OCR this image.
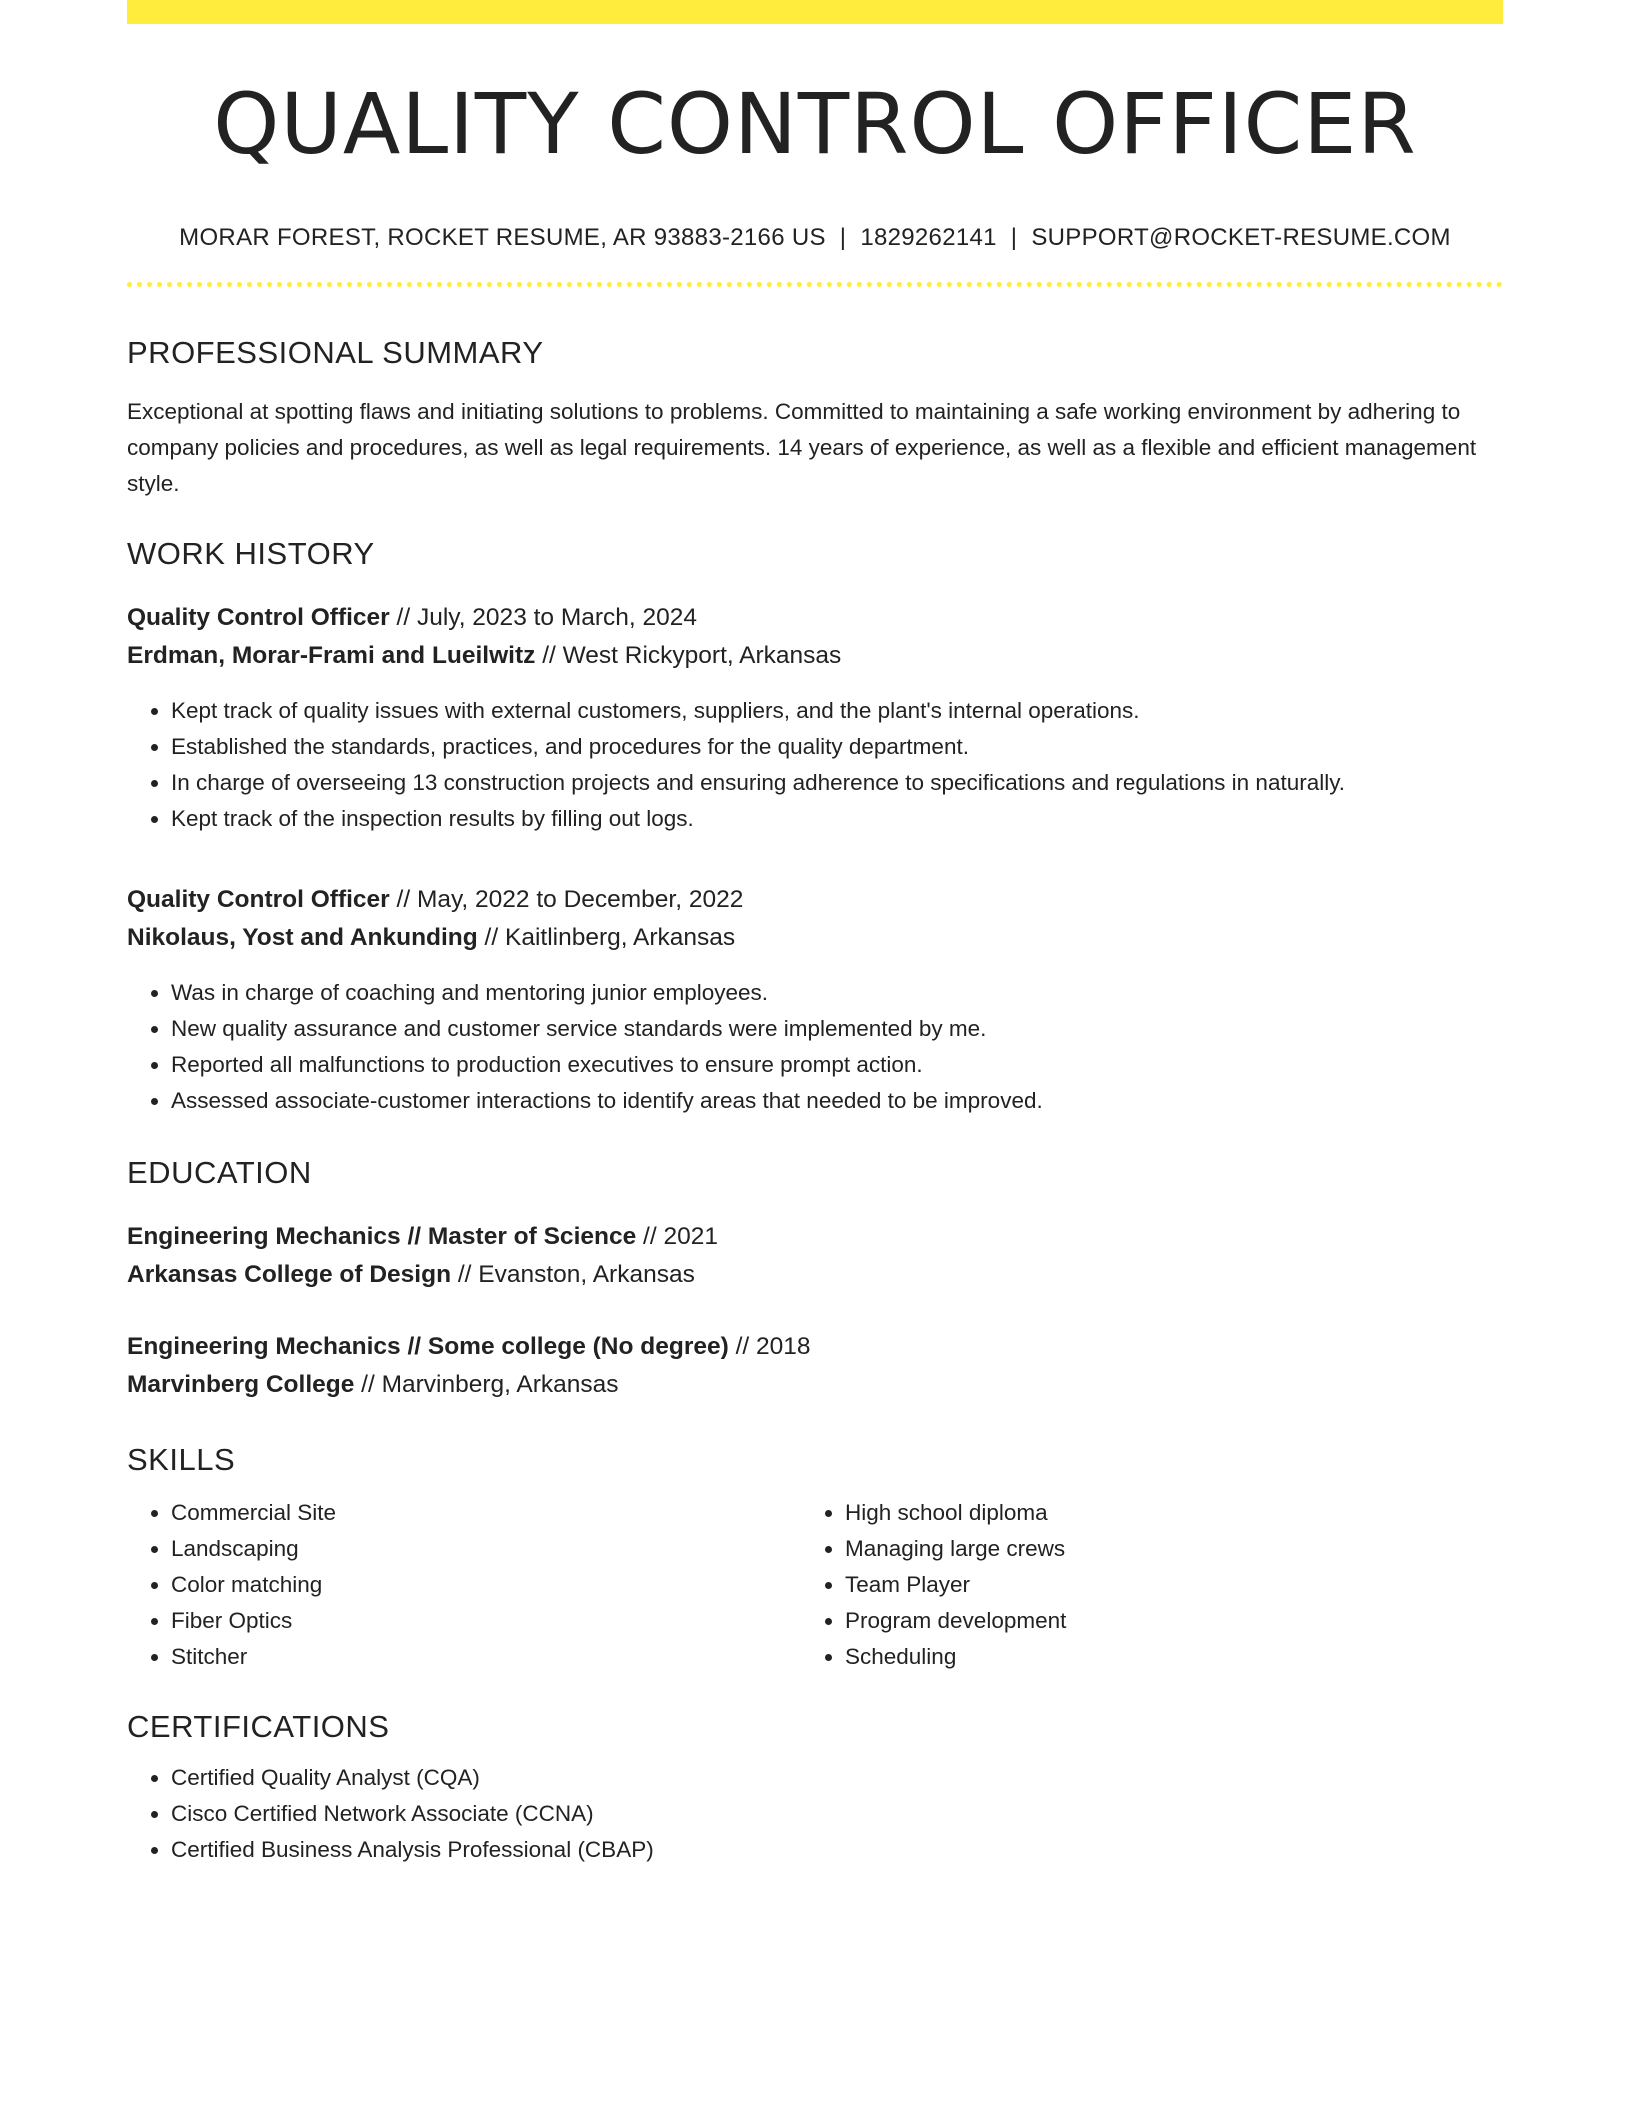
QUALITY CONTROL OFFICER
MORAR FOREST, ROCKET RESUME, AR 93883-2166 US | 1829262141 | SUPPORT@ROCKET-RESUME.COM
PROFESSIONAL SUMMARY
Exceptional at spotting flaws and initiating solutions to problems. Committed to maintaining a safe working environment by adhering to company policies and procedures, as well as legal requirements. 14 years of experience, as well as a flexible and efficient management style.
WORK HISTORY
Quality Control Officer // July, 2023 to March, 2024
Erdman, Morar-Frami and Lueilwitz // West Rickyport, Arkansas
• Kept track of quality issues with external customers, suppliers, and the plant's internal operations.
• Established the standards, practices, and procedures for the quality department.
• In charge of overseeing 13 construction projects and ensuring adherence to specifications and regulations in naturally.
• Kept track of the inspection results by filling out logs.
Quality Control Officer // May, 2022 to December, 2022
Nikolaus, Yost and Ankunding // Kaitlinberg, Arkansas
• Was in charge of coaching and mentoring junior employees.
• New quality assurance and customer service standards were implemented by me.
• Reported all malfunctions to production executives to ensure prompt action.
• Assessed associate-customer interactions to identify areas that needed to be improved.
EDUCATION
Engineering Mechanics // Master of Science // 2021
Arkansas College of Design // Evanston, Arkansas
Engineering Mechanics // Some college (No degree) // 2018
Marvinberg College // Marvinberg, Arkansas
SKILLS
• Commercial Site
• Landscaping
• Color matching
• Fiber Optics
• Stitcher
• High school diploma
• Managing large crews
• Team Player
• Program development
• Scheduling
CERTIFICATIONS
• Certified Quality Analyst (CQA)
• Cisco Certified Network Associate (CCNA)
• Certified Business Analysis Professional (CBAP)
